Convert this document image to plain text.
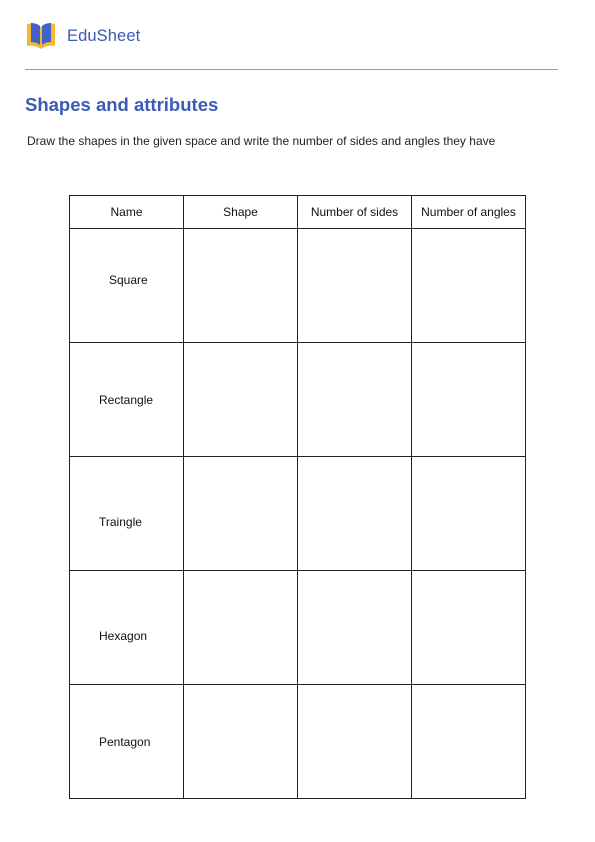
EduSheet
Shapes and attributes

Draw the shapes in the given space and write the number of sides and angles they have

Name	Shape	Number of sides	Number of angles

Square			

Rectangle			

Traingle			

Hexagon			

Pentagon			
